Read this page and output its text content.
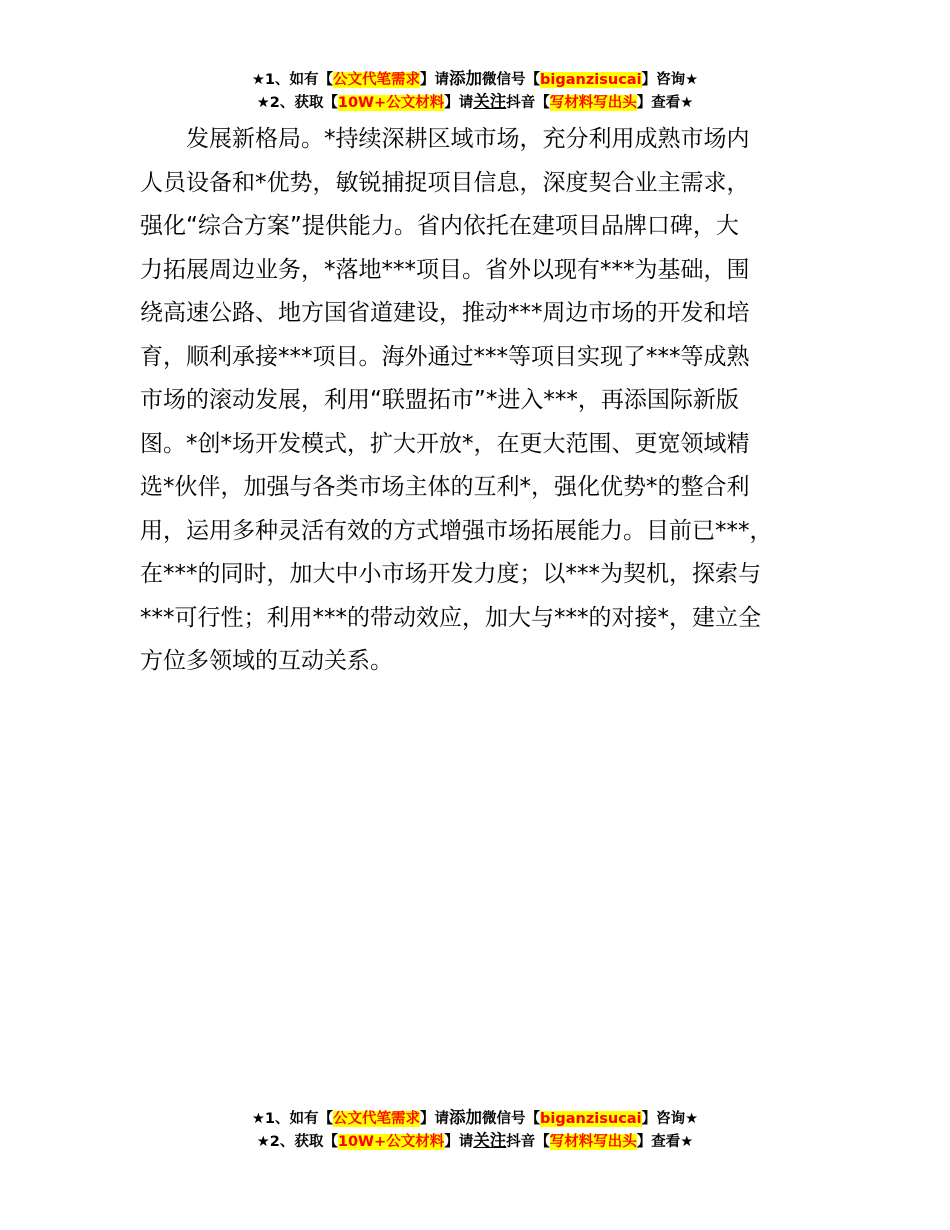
★1、如有【公文代笔需求】请添加微信号【biganzisucai】咨询★
★2、获取【10W+公文材料】请关注抖音【写材料写出头】查看★
发展新格局。*持续深耕区域市场，充分利用成熟市场内
人员设备和*优势，敏锐捕捉项目信息，深度契合业主需求，
强化“综合方案”提供能力。省内依托在建项目品牌口碑，大
力拓展周边业务，*落地***项目。省外以现有***为基础，围
绕高速公路、地方国省道建设，推动***周边市场的开发和培
育，顺利承接***项目。海外通过***等项目实现了***等成熟
市场的滚动发展，利用“联盟拓市”*进入***，再添国际新版
图。*创*场开发模式，扩大开放*，在更大范围、更宽领域精
选*伙伴，加强与各类市场主体的互利*，强化优势*的整合利
用，运用多种灵活有效的方式增强市场拓展能力。目前已***，
在***的同时，加大中小市场开发力度；以***为契机，探索与
***可行性；利用***的带动效应，加大与***的对接*，建立全
方位多领域的互动关系。
★1、如有【公文代笔需求】请添加微信号【biganzisucai】咨询★
★2、获取【10W+公文材料】请关注抖音【写材料写出头】查看★
